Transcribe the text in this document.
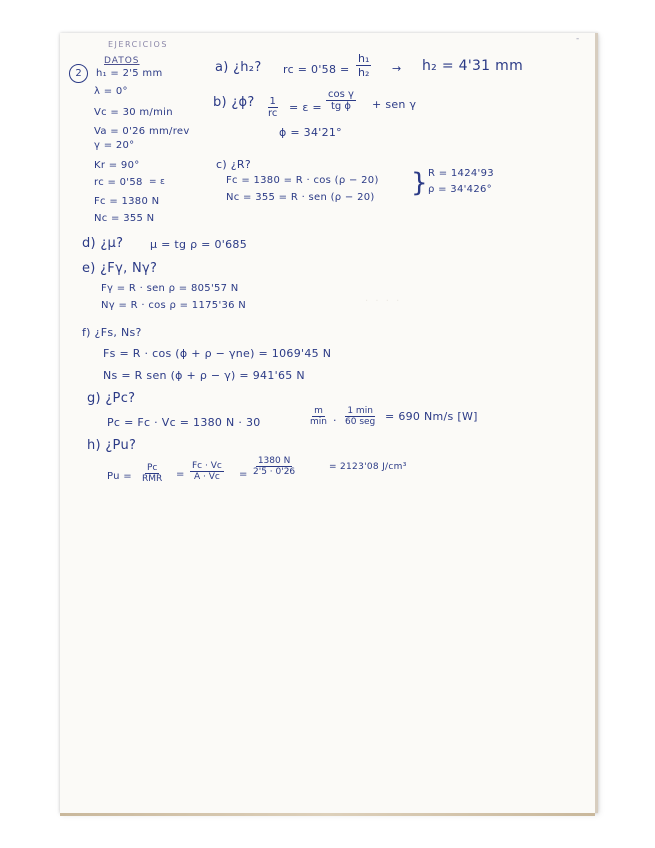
· · · ·
EJERCICIOS
‐
2
DATOS
h₁ = 2'5 mm
λ = 0°
Vc = 30 m/min
Va = 0'26 mm/rev
γ = 20°
Kr = 90°
rc = 0'58 = ε
Fc = 1380 N
Nc = 355 N
a) ¿h₂? rc = $0'58 = \frac{\text{h₁}}{\text{h₂}} \to h_2 = 4'31$ mm
b) ¿ϕ? $\frac{1}{rc} = \varepsilon = \frac{\text{cos γ}}{\text{tg ϕ}}$ + sen γ
ϕ = 34'21°
c) ¿R?
Fc = 1380 = R · cos (ρ − 20)
Nc = 355 = R · sen (ρ − 20) } R = 1424'93
ρ = 34'426°
d) ¿μ? μ = tg ρ = 0'685
e) ¿Fγ, Nγ?
Fγ = R · sen ρ = 805'57 N
Nγ = R · cos ρ = 1175'36 N
f) ¿Fs, Ns?
Fs = R · cos (ϕ + ρ − γne) = 1069'45 N
Ns = R sen (ϕ + ρ − γ) = 941'65 N
g) ¿Pc?
Pc = Fc · Vc = 1380 N · 30
m
min ·
1 min
60 seg = 690 Nm/s [W]
h) ¿Pu?
Pu =
Pc
RMR = $\frac{Fc \cdot Vc}{A \cdot Vc} = \frac{1380 N}{2'5 \cdot 0'26}$	= 2123'08 J/cm³
